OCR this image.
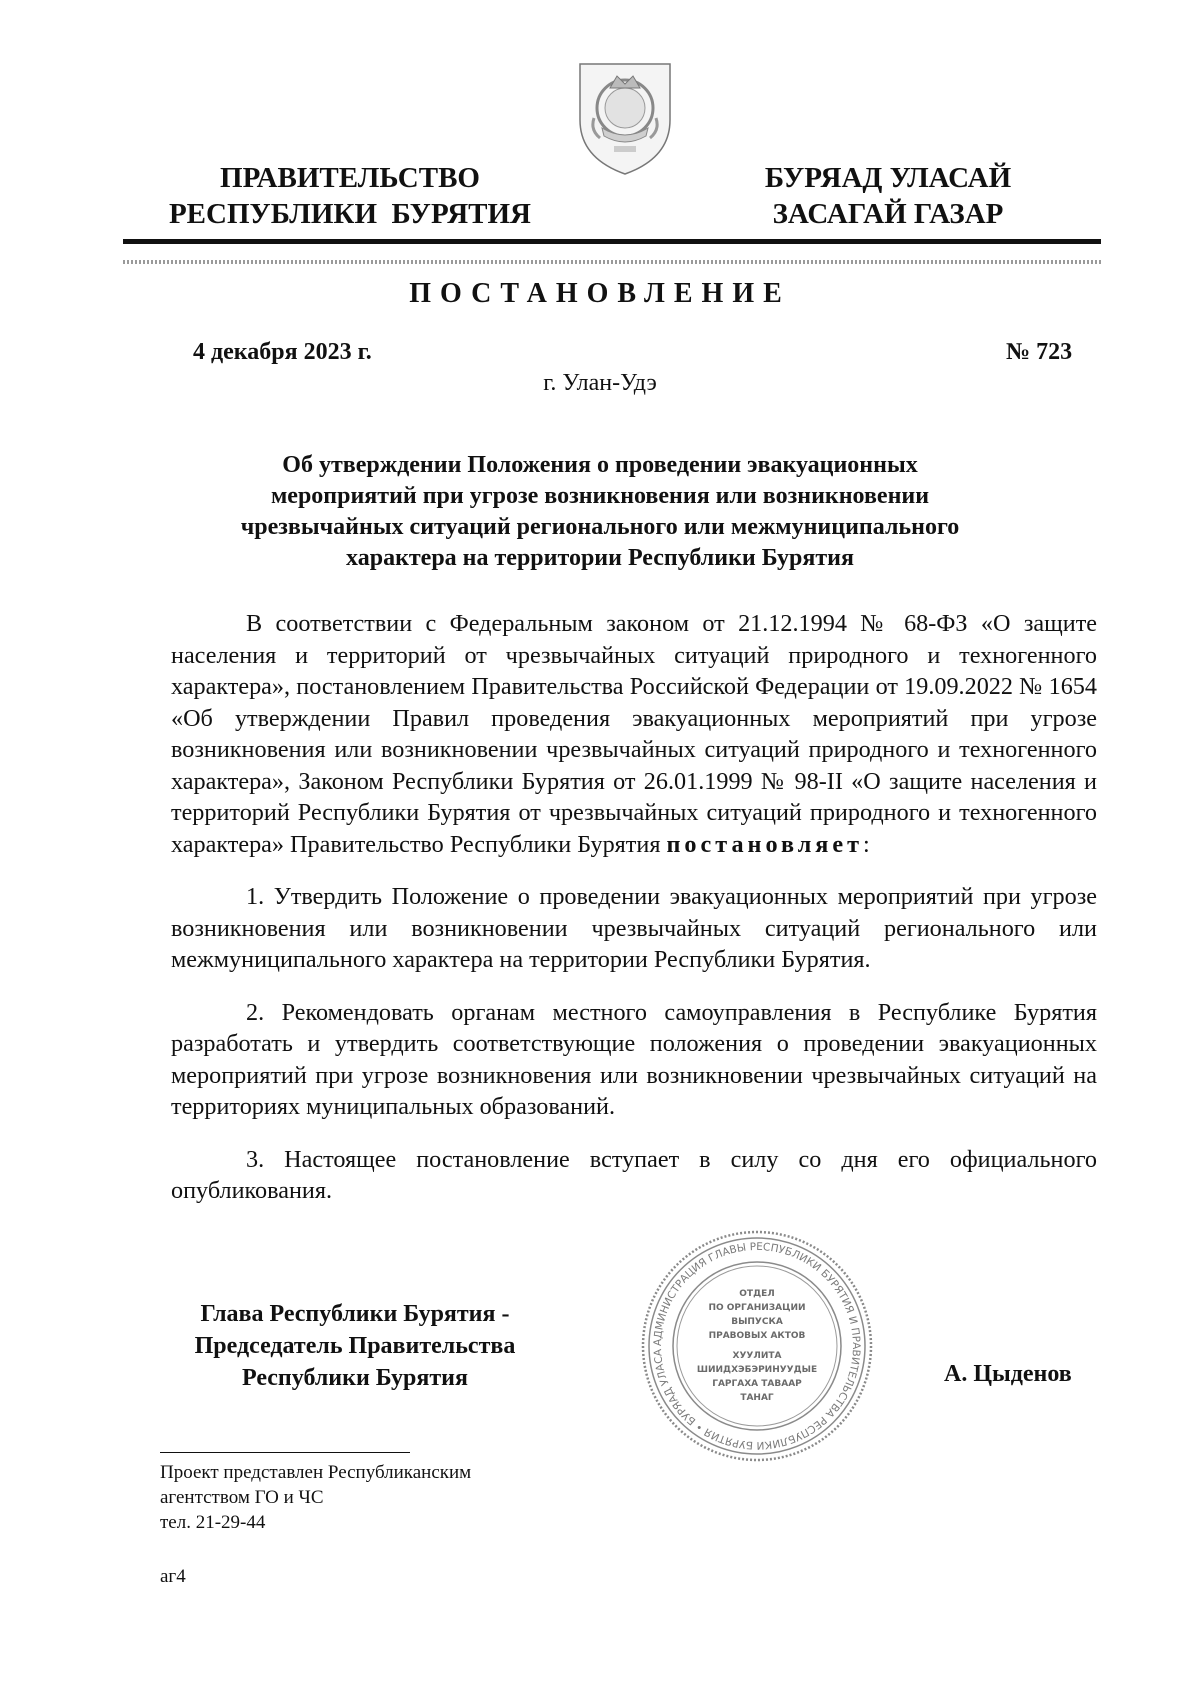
ПРАВИТЕЛЬСТВО
РЕСПУБЛИКИ  БУРЯТИЯ
БУРЯАД УЛАСАЙ
ЗАСАГАЙ ГАЗАР
ПОСТАНОВЛЕНИЕ
4 декабря 2023 г.	№ 723
г. Улан-Удэ
Об утверждении Положения о проведении эвакуационных
мероприятий при угрозе возникновения или возникновении
чрезвычайных ситуаций регионального или межмуниципального
характера на территории Республики Бурятия

В соответствии с Федеральным законом от 21.12.1994 № 68-ФЗ «О защите населения и территорий от чрезвычайных ситуаций природного и техногенного характера», постановлением Правительства Российской Федерации от 19.09.2022 № 1654 «Об утверждении Правил проведения эвакуационных мероприятий при угрозе возникновения или возникновении чрезвычайных ситуаций природного и техногенного характера», Законом Республики Бурятия от 26.01.1999 № 98-II «О защите населения и территорий Республики Бурятия от чрезвычайных ситуаций природного и техногенного характера» Правительство Республики Бурятия постановляет:

1. Утвердить Положение о проведении эвакуационных мероприятий при угрозе возникновения или возникновении чрезвычайных ситуаций регионального или межмуниципального характера на территории Республики Бурятия.

2. Рекомендовать органам местного самоуправления в Республике Бурятия разработать и утвердить соответствующие положения о проведении эвакуационных мероприятий при угрозе возникновения или возникновении чрезвычайных ситуаций на территориях муниципальных образований.

3. Настоящее постановление вступает в силу со дня его официального опубликования.

Глава Республики Бурятия -
Председатель Правительства
Республики Бурятия
АДМИНИСТРАЦИЯ ГЛАВЫ РЕСПУБЛИКИ БУРЯТИЯ И ПРАВИТЕЛЬСТВА РЕСПУБЛИКИ БУРЯТИЯ • БУРЯАД УЛАСА
ОТДЕЛ
ПО ОРГАНИЗАЦИИ
ВЫПУСКА
ПРАВОВЫХ АКТОВ
ХУУЛИТА
ШИИДХЭБЭРИНУУДЫЕ
ГАРГАХА ТАВААР
ТАНАГ
А. Цыденов
Проект представлен Республиканским
агентством ГО и ЧС
тел. 21-29-44
аг4
